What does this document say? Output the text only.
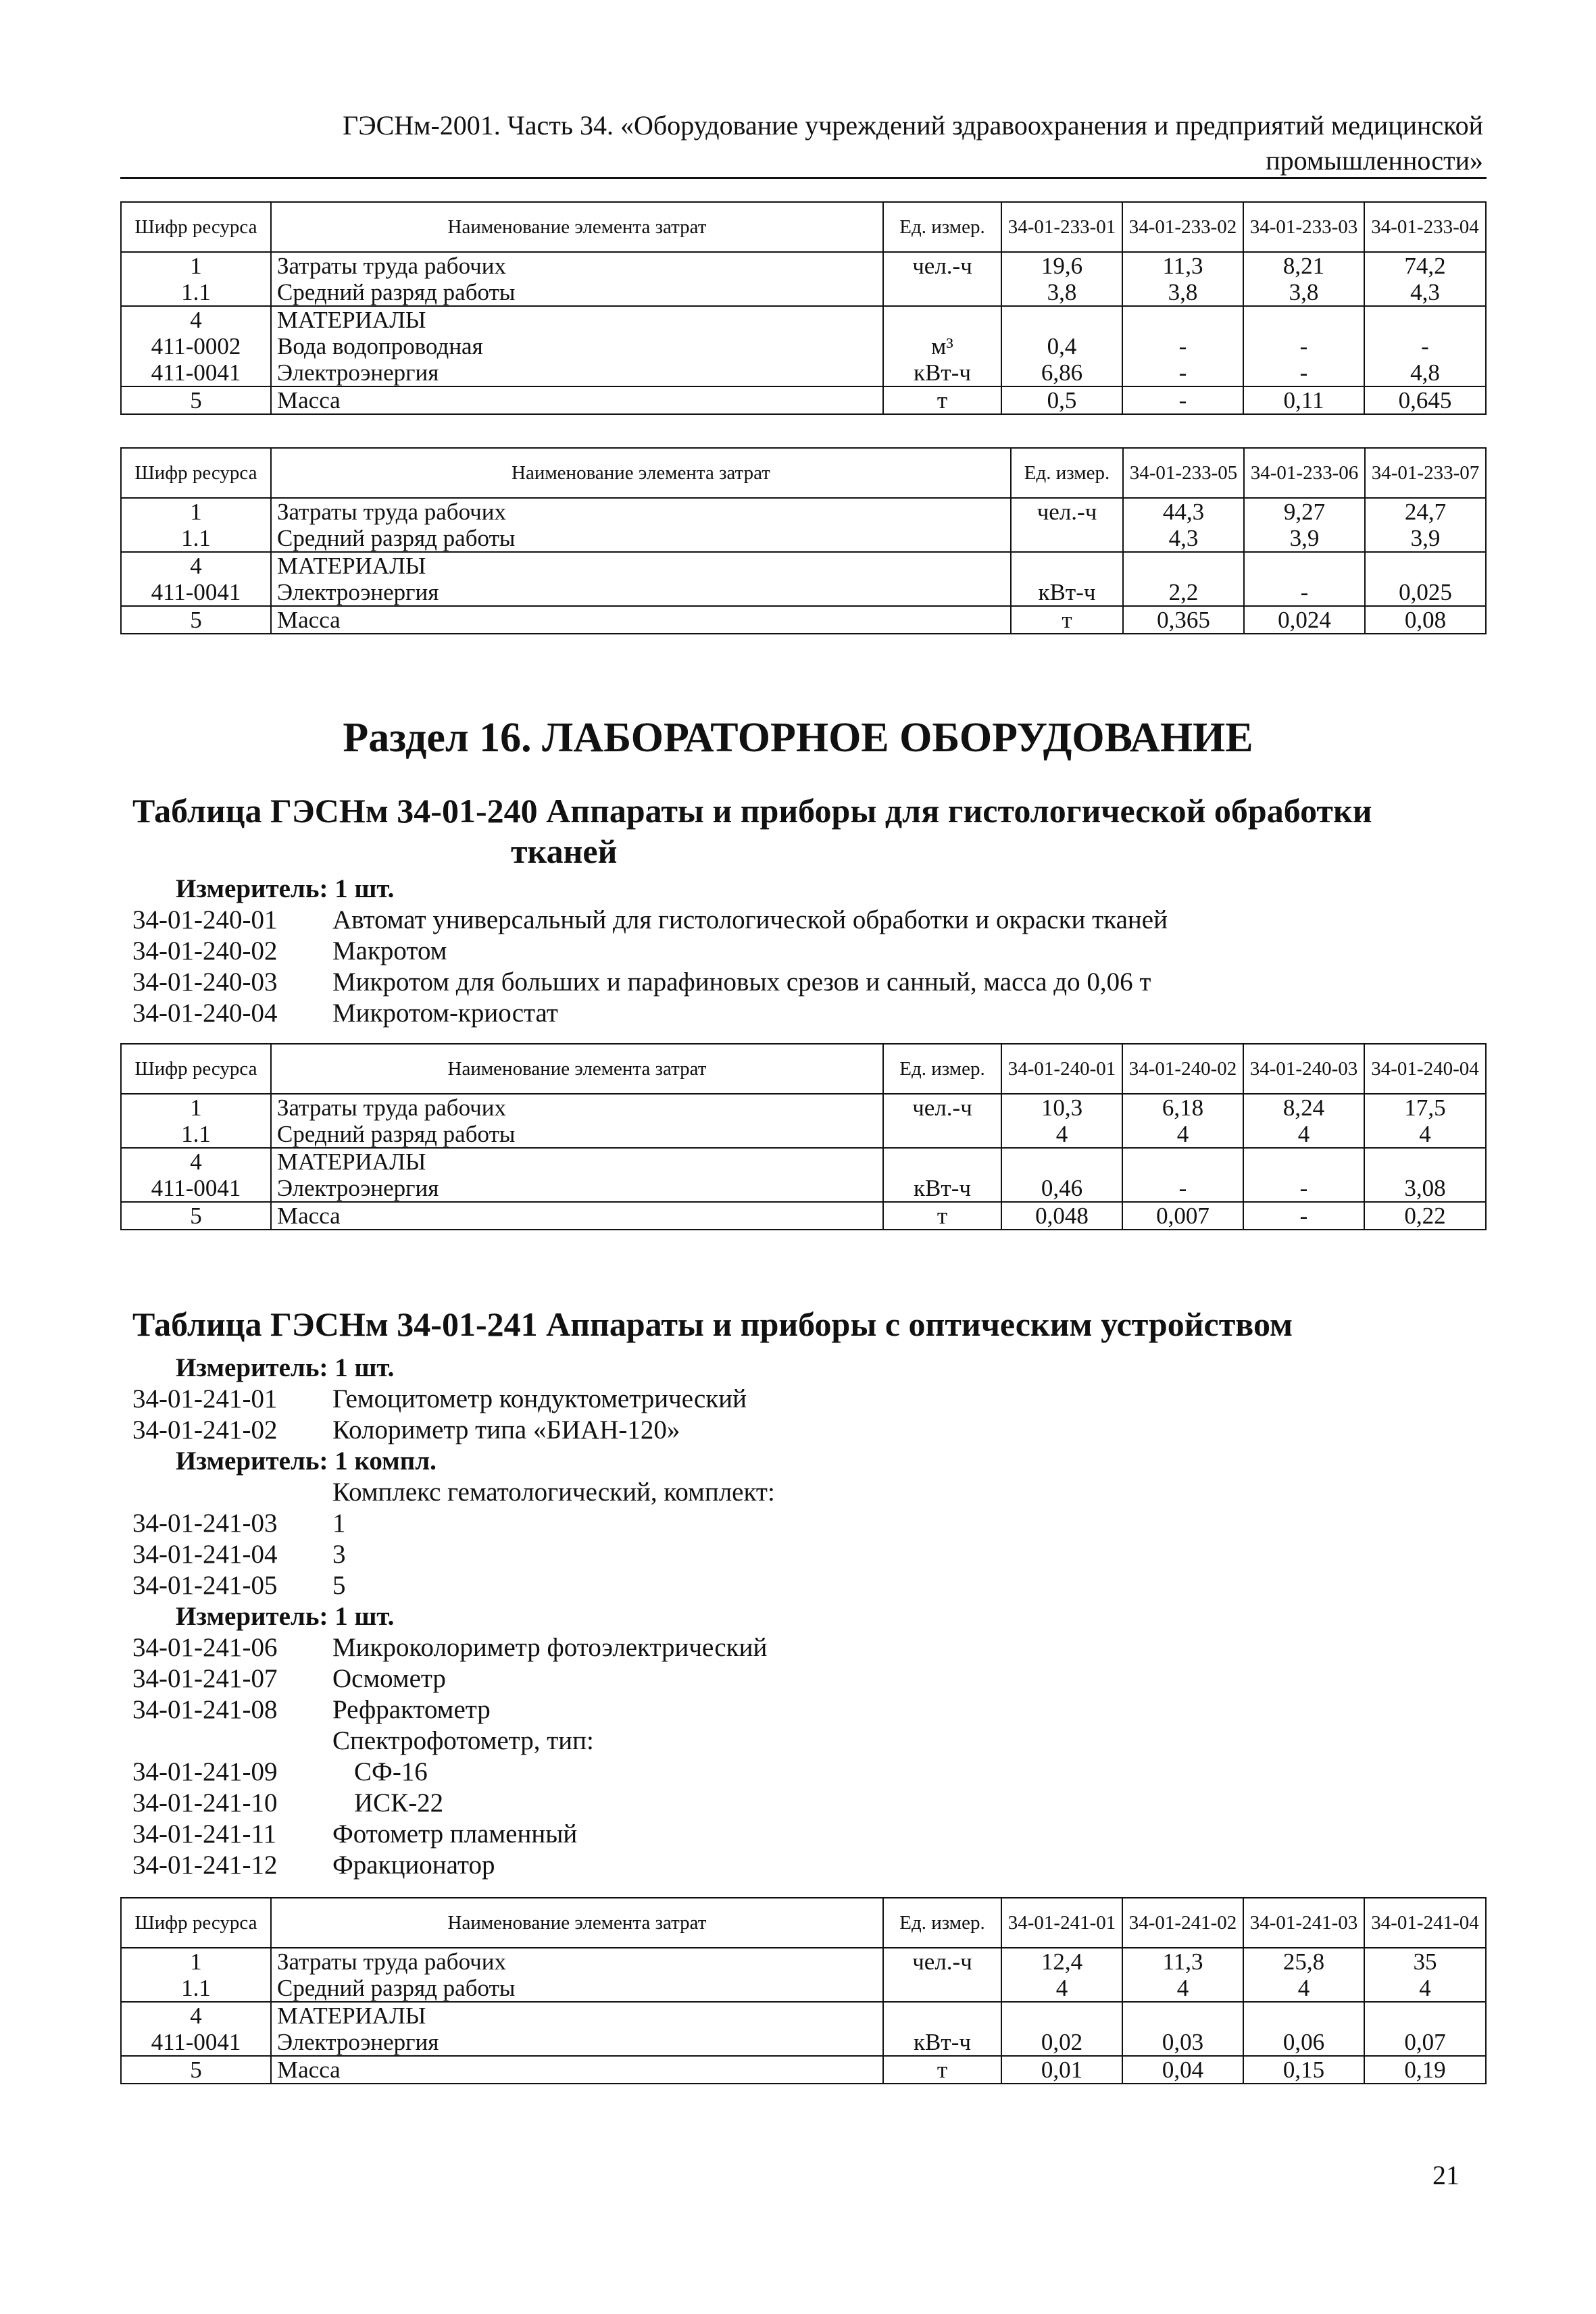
ГЭСНм-2001. Часть 34. «Оборудование учреждений здравоохранения и предприятий медицинской
промышленности»
Шифр ресурса	Наименование элемента затрат	Ед. измер.	34-01-233-01	34-01-233-02	34-01-233-03	34-01-233-04
1	Затраты труда рабочих	чел.-ч	19,6	11,3	8,21	74,2
1.1	Средний разряд работы		3,8	3,8	3,8	4,3
4	МАТЕРИАЛЫ					
411-0002	Вода водопроводная	м³	0,4	-	-	-
411-0041	Электроэнергия	кВт-ч	6,86	-	-	4,8
5	Масса	т	0,5	-	0,11	0,645
Шифр ресурса	Наименование элемента затрат	Ед. измер.	34-01-233-05	34-01-233-06	34-01-233-07
1	Затраты труда рабочих	чел.-ч	44,3	9,27	24,7
1.1	Средний разряд работы		4,3	3,9	3,9
4	МАТЕРИАЛЫ				
411-0041	Электроэнергия	кВт-ч	2,2	-	0,025
5	Масса	т	0,365	0,024	0,08
Раздел 16. ЛАБОРАТОРНОЕ ОБОРУДОВАНИЕ
Таблица ГЭСНм 34-01-240 Аппараты и приборы для гистологической обработки
тканей
Измеритель: 1 шт.
34-01-240-01 Автомат универсальный для гистологической обработки и окраски тканей
34-01-240-02 Макротом
34-01-240-03 Микротом для больших и парафиновых срезов и санный, масса до 0,06 т
34-01-240-04 Микротом-криостат
Шифр ресурса	Наименование элемента затрат	Ед. измер.	34-01-240-01	34-01-240-02	34-01-240-03	34-01-240-04
1	Затраты труда рабочих	чел.-ч	10,3	6,18	8,24	17,5
1.1	Средний разряд работы		4	4	4	4
4	МАТЕРИАЛЫ					
411-0041	Электроэнергия	кВт-ч	0,46	-	-	3,08
5	Масса	т	0,048	0,007	-	0,22
Таблица ГЭСНм 34-01-241 Аппараты и приборы с оптическим устройством
Измеритель: 1 шт.
34-01-241-01 Гемоцитометр кондуктометрический
34-01-241-02 Колориметр типа «БИАН-120»
Измеритель: 1 компл.
Комплекс гематологический, комплект:
34-01-241-03 1
34-01-241-04 3
34-01-241-05 5
Измеритель: 1 шт.
34-01-241-06 Микроколориметр фотоэлектрический
34-01-241-07 Осмометр
34-01-241-08 Рефрактометр
Спектрофотометр, тип:
34-01-241-09	СФ-16
34-01-241-10	ИСК-22
34-01-241-11 Фотометр пламенный
34-01-241-12 Фракционатор
Шифр ресурса	Наименование элемента затрат	Ед. измер.	34-01-241-01	34-01-241-02	34-01-241-03	34-01-241-04
1	Затраты труда рабочих	чел.-ч	12,4	11,3	25,8	35
1.1	Средний разряд работы		4	4	4	4
4	МАТЕРИАЛЫ					
411-0041	Электроэнергия	кВт-ч	0,02	0,03	0,06	0,07
5	Масса	т	0,01	0,04	0,15	0,19
21
